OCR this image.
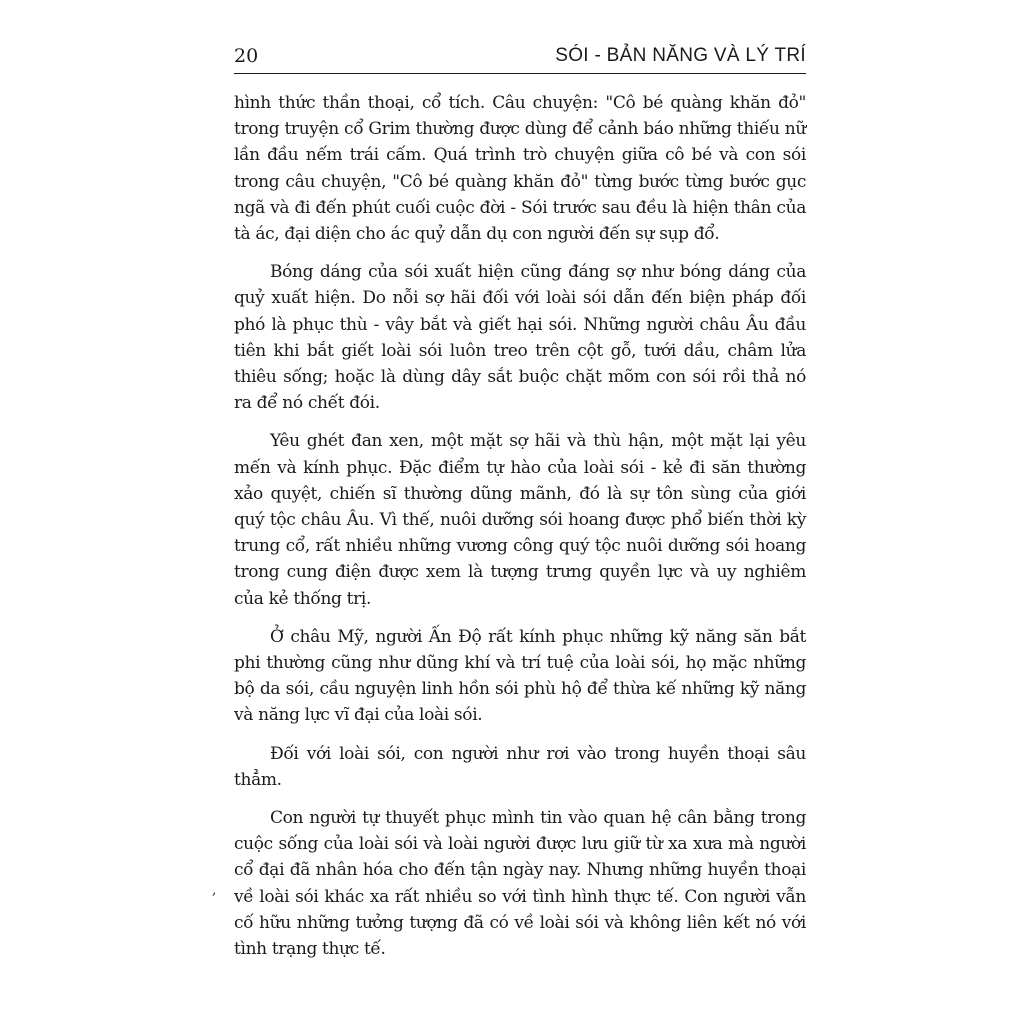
20	SÓI - BẢN NĂNG VÀ LÝ TRÍ

hình thức thần thoại, cổ tích. Câu chuyện: "Cô bé quàng khăn đỏ" trong truyện cổ Grim thường được dùng để cảnh báo những thiếu nữ lần đầu nếm trái cấm. Quá trình trò chuyện giữa cô bé và con sói trong câu chuyện, "Cô bé quàng khăn đỏ" từng bước từng bước gục ngã và đi đến phút cuối cuộc đời - Sói trước sau đều là hiện thân của tà ác, đại diện cho ác quỷ dẫn dụ con người đến sự sụp đổ.

Bóng dáng của sói xuất hiện cũng đáng sợ như bóng dáng của quỷ xuất hiện. Do nỗi sợ hãi đối với loài sói dẫn đến biện pháp đối phó là phục thù - vây bắt và giết hại sói. Những người châu Âu đầu tiên khi bắt giết loài sói luôn treo trên cột gỗ, tưới dầu, châm lửa thiêu sống; hoặc là dùng dây sắt buộc chặt mõm con sói rồi thả nó ra để nó chết đói.

Yêu ghét đan xen, một mặt sợ hãi và thù hận, một mặt lại yêu mến và kính phục. Đặc điểm tự hào của loài sói - kẻ đi săn thường xảo quyệt, chiến sĩ thường dũng mãnh, đó là sự tôn sùng của giới quý tộc châu Âu. Vì thế, nuôi dưỡng sói hoang được phổ biến thời kỳ trung cổ, rất nhiều những vương công quý tộc nuôi dưỡng sói hoang trong cung điện được xem là tượng trưng quyền lực và uy nghiêm của kẻ thống trị.

Ở châu Mỹ, người Ấn Độ rất kính phục những kỹ năng săn bắt phi thường cũng như dũng khí và trí tuệ của loài sói, họ mặc những bộ da sói, cầu nguyện linh hồn sói phù hộ để thừa kế những kỹ năng và năng lực vĩ đại của loài sói.

Đối với loài sói, con người như rơi vào trong huyền thoại sâu thẳm.

Con người tự thuyết phục mình tin vào quan hệ cân bằng trong cuộc sống của loài sói và loài người được lưu giữ từ xa xưa mà người cổ đại đã nhân hóa cho đến tận ngày nay. Nhưng những huyền thoại về loài sói khác xa rất nhiều so với tình hình thực tế. Con người vẫn cố hữu những tưởng tượng đã có về loài sói và không liên kết nó với tình trạng thực tế.

,
